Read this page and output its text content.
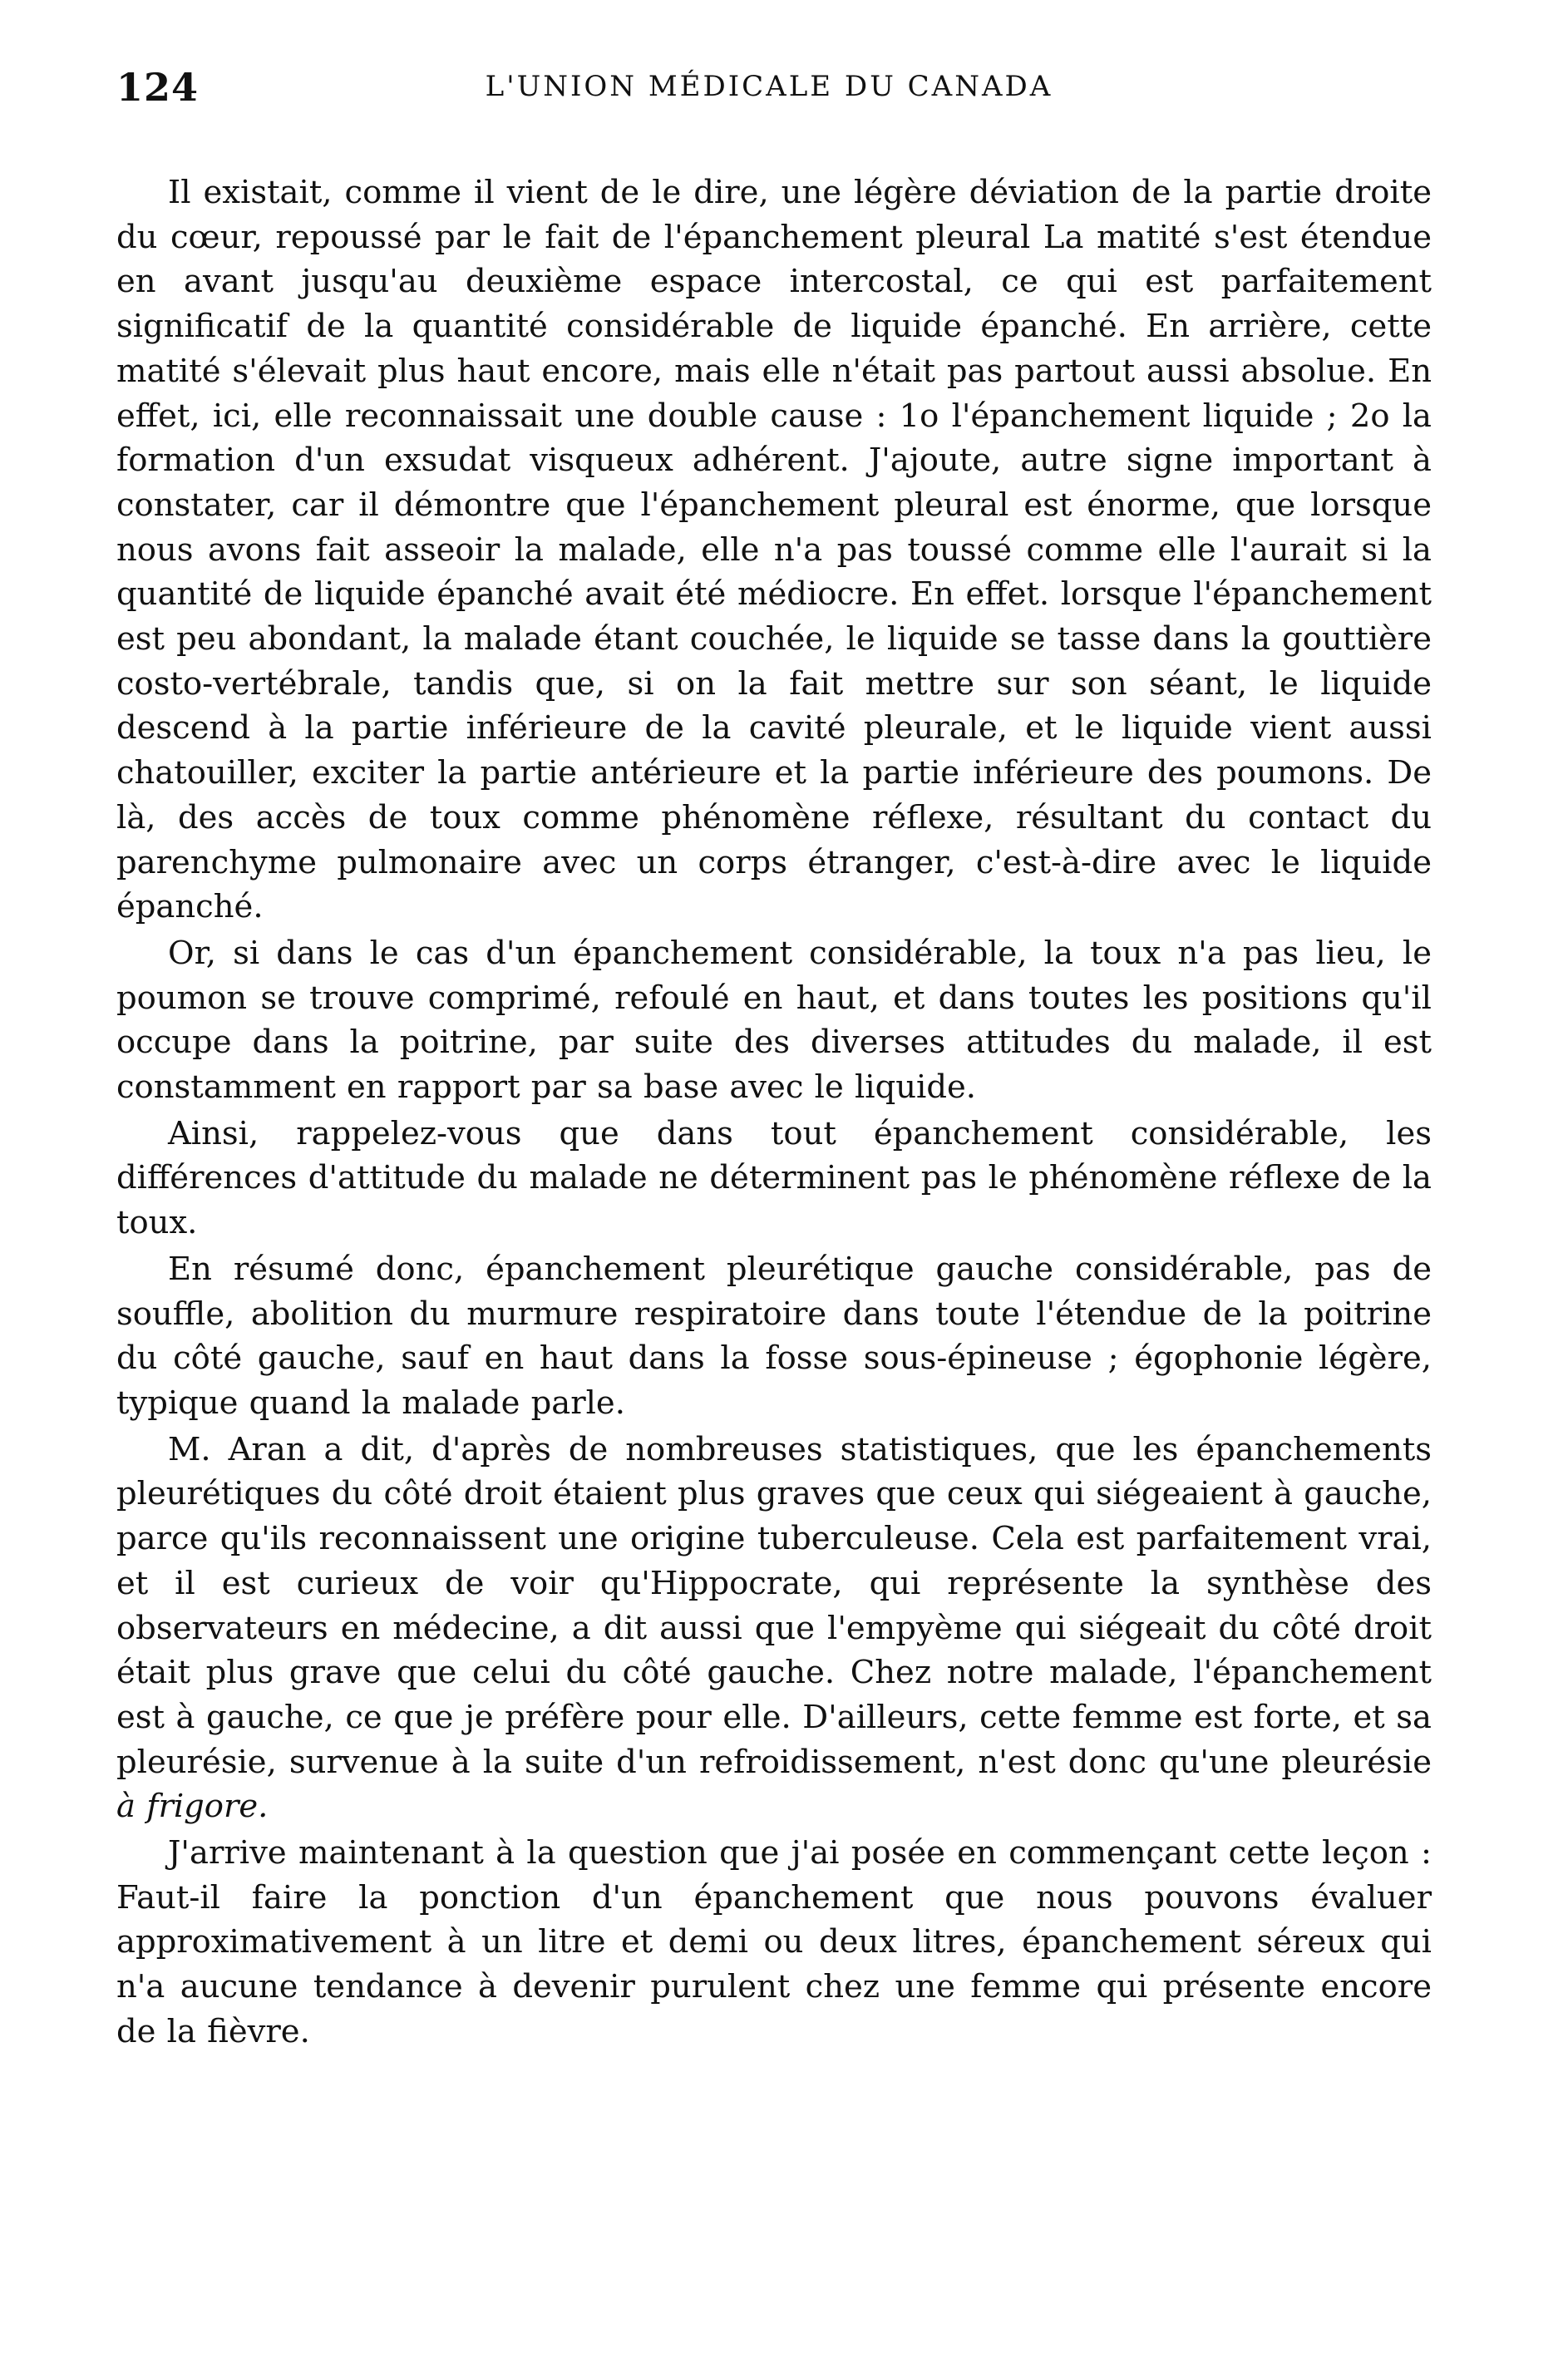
124	L'UNION MÉDICALE DU CANADA

Il existait, comme il vient de le dire, une légère déviation de la partie droite du cœur, repoussé par le fait de l'épanchement pleural La matité s'est étendue en avant jusqu'au deuxième espace intercostal, ce qui est parfaitement significatif de la quantité considérable de liquide épanché. En arrière, cette matité s'élevait plus haut encore, mais elle n'était pas partout aussi absolue. En effet, ici, elle reconnaissait une double cause : 1o l'épanchement liquide ; 2o la formation d'un exsudat visqueux adhérent. J'ajoute, autre signe important à constater, car il démontre que l'épanchement pleural est énorme, que lorsque nous avons fait asseoir la malade, elle n'a pas toussé comme elle l'aurait si la quantité de liquide épanché avait été médiocre. En effet. lorsque l'épanchement est peu abondant, la malade étant couchée, le liquide se tasse dans la gouttière costo-vertébrale, tandis que, si on la fait mettre sur son séant, le liquide descend à la partie inférieure de la cavité pleurale, et le liquide vient aussi chatouiller, exciter la partie antérieure et la partie inférieure des poumons. De là, des accès de toux comme phénomène réflexe, résultant du contact du parenchyme pulmonaire avec un corps étranger, c'est-à-dire avec le liquide épanché.

Or, si dans le cas d'un épanchement considérable, la toux n'a pas lieu, le poumon se trouve comprimé, refoulé en haut, et dans toutes les positions qu'il occupe dans la poitrine, par suite des diverses attitudes du malade, il est constamment en rapport par sa base avec le liquide.

Ainsi, rappelez-vous que dans tout épanchement considérable, les différences d'attitude du malade ne déterminent pas le phénomène réflexe de la toux.

En résumé donc, épanchement pleurétique gauche considérable, pas de souffle, abolition du murmure respiratoire dans toute l'étendue de la poitrine du côté gauche, sauf en haut dans la fosse sous-épineuse ; égophonie légère, typique quand la malade parle.

M. Aran a dit, d'après de nombreuses statistiques, que les épanchements pleurétiques du côté droit étaient plus graves que ceux qui siégeaient à gauche, parce qu'ils reconnaissent une origine tuberculeuse. Cela est parfaitement vrai, et il est curieux de voir qu'Hippocrate, qui représente la synthèse des observateurs en médecine, a dit aussi que l'empyème qui siégeait du côté droit était plus grave que celui du côté gauche. Chez notre malade, l'épanchement est à gauche, ce que je préfère pour elle. D'ailleurs, cette femme est forte, et sa pleurésie, survenue à la suite d'un refroidissement, n'est donc qu'une pleurésie à frigore.

J'arrive maintenant à la question que j'ai posée en commençant cette leçon : Faut-il faire la ponction d'un épanchement que nous pouvons évaluer approximativement à un litre et demi ou deux litres, épanchement séreux qui n'a aucune tendance à devenir purulent chez une femme qui présente encore de la fièvre.
